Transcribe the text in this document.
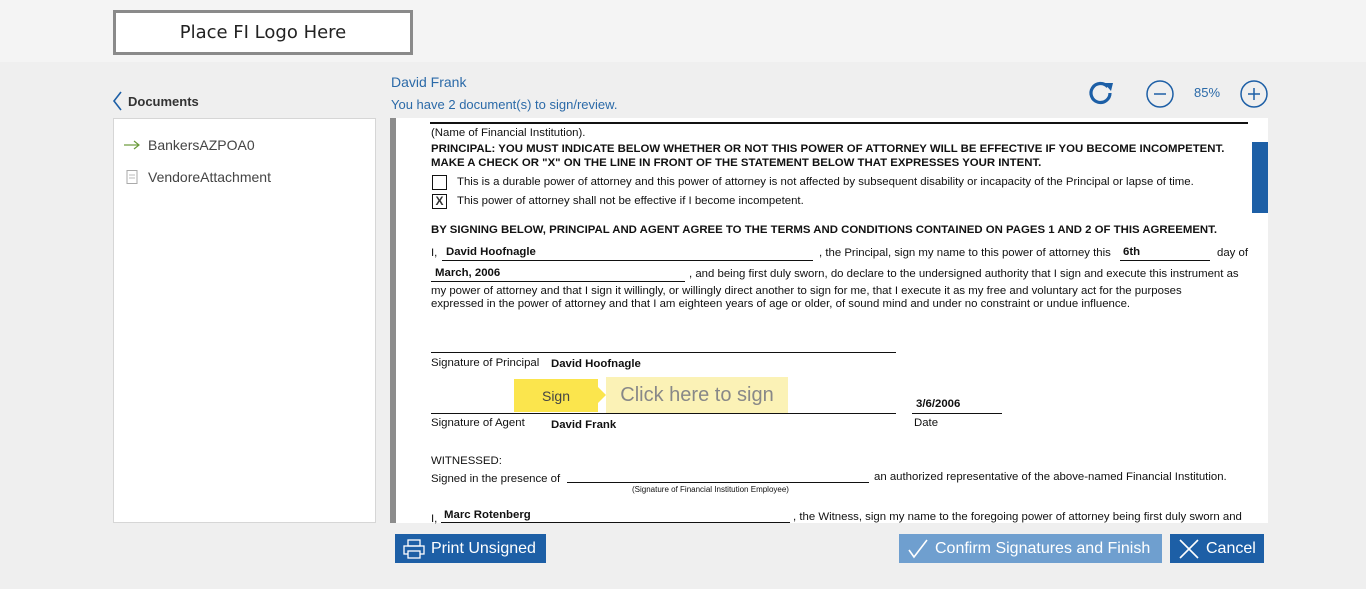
Place FI Logo Here
Documents
BankersAZPOA0
VendoreAttachment
David Frank
You have 2 document(s) to sign/review.
85%
(Name of Financial Institution).
PRINCIPAL: YOU MUST INDICATE BELOW WHETHER OR NOT THIS POWER OF ATTORNEY WILL BE EFFECTIVE IF YOU BECOME INCOMPETENT.
MAKE A CHECK OR "X" ON THE LINE IN FRONT OF THE STATEMENT BELOW THAT EXPRESSES YOUR INTENT.
This is a durable power of attorney and this power of attorney is not affected by subsequent disability or incapacity of the Principal or lapse of time.
X	This power of attorney shall not be effective if I become incompetent.
BY SIGNING BELOW, PRINCIPAL AND AGENT AGREE TO THE TERMS AND CONDITIONS CONTAINED ON PAGES 1 AND 2 OF THIS AGREEMENT.
I, David Hoofnagle	, the Principal, sign my name to this power of attorney this 6th	day of
March, 2006	, and being first duly sworn, do declare to the undersigned authority that I sign and execute this instrument as
my power of attorney and that I sign it willingly, or willingly direct another to sign for me, that I execute it as my free and voluntary act for the purposes
expressed in the power of attorney and that I am eighteen years of age or older, of sound mind and under no constraint or undue influence.
Signature of Principal David Hoofnagle
Sign	Click here to sign	3/6/2006
Signature of Agent David Frank	Date
WITNESSED:
Signed in the presence of	an authorized representative of the above-named Financial Institution.
(Signature of Financial Institution Employee)
I, Marc Rotenberg	, the Witness, sign my name to the foregoing power of attorney being first duly sworn and
Print Unsigned	Confirm Signatures and Finish	Cancel
